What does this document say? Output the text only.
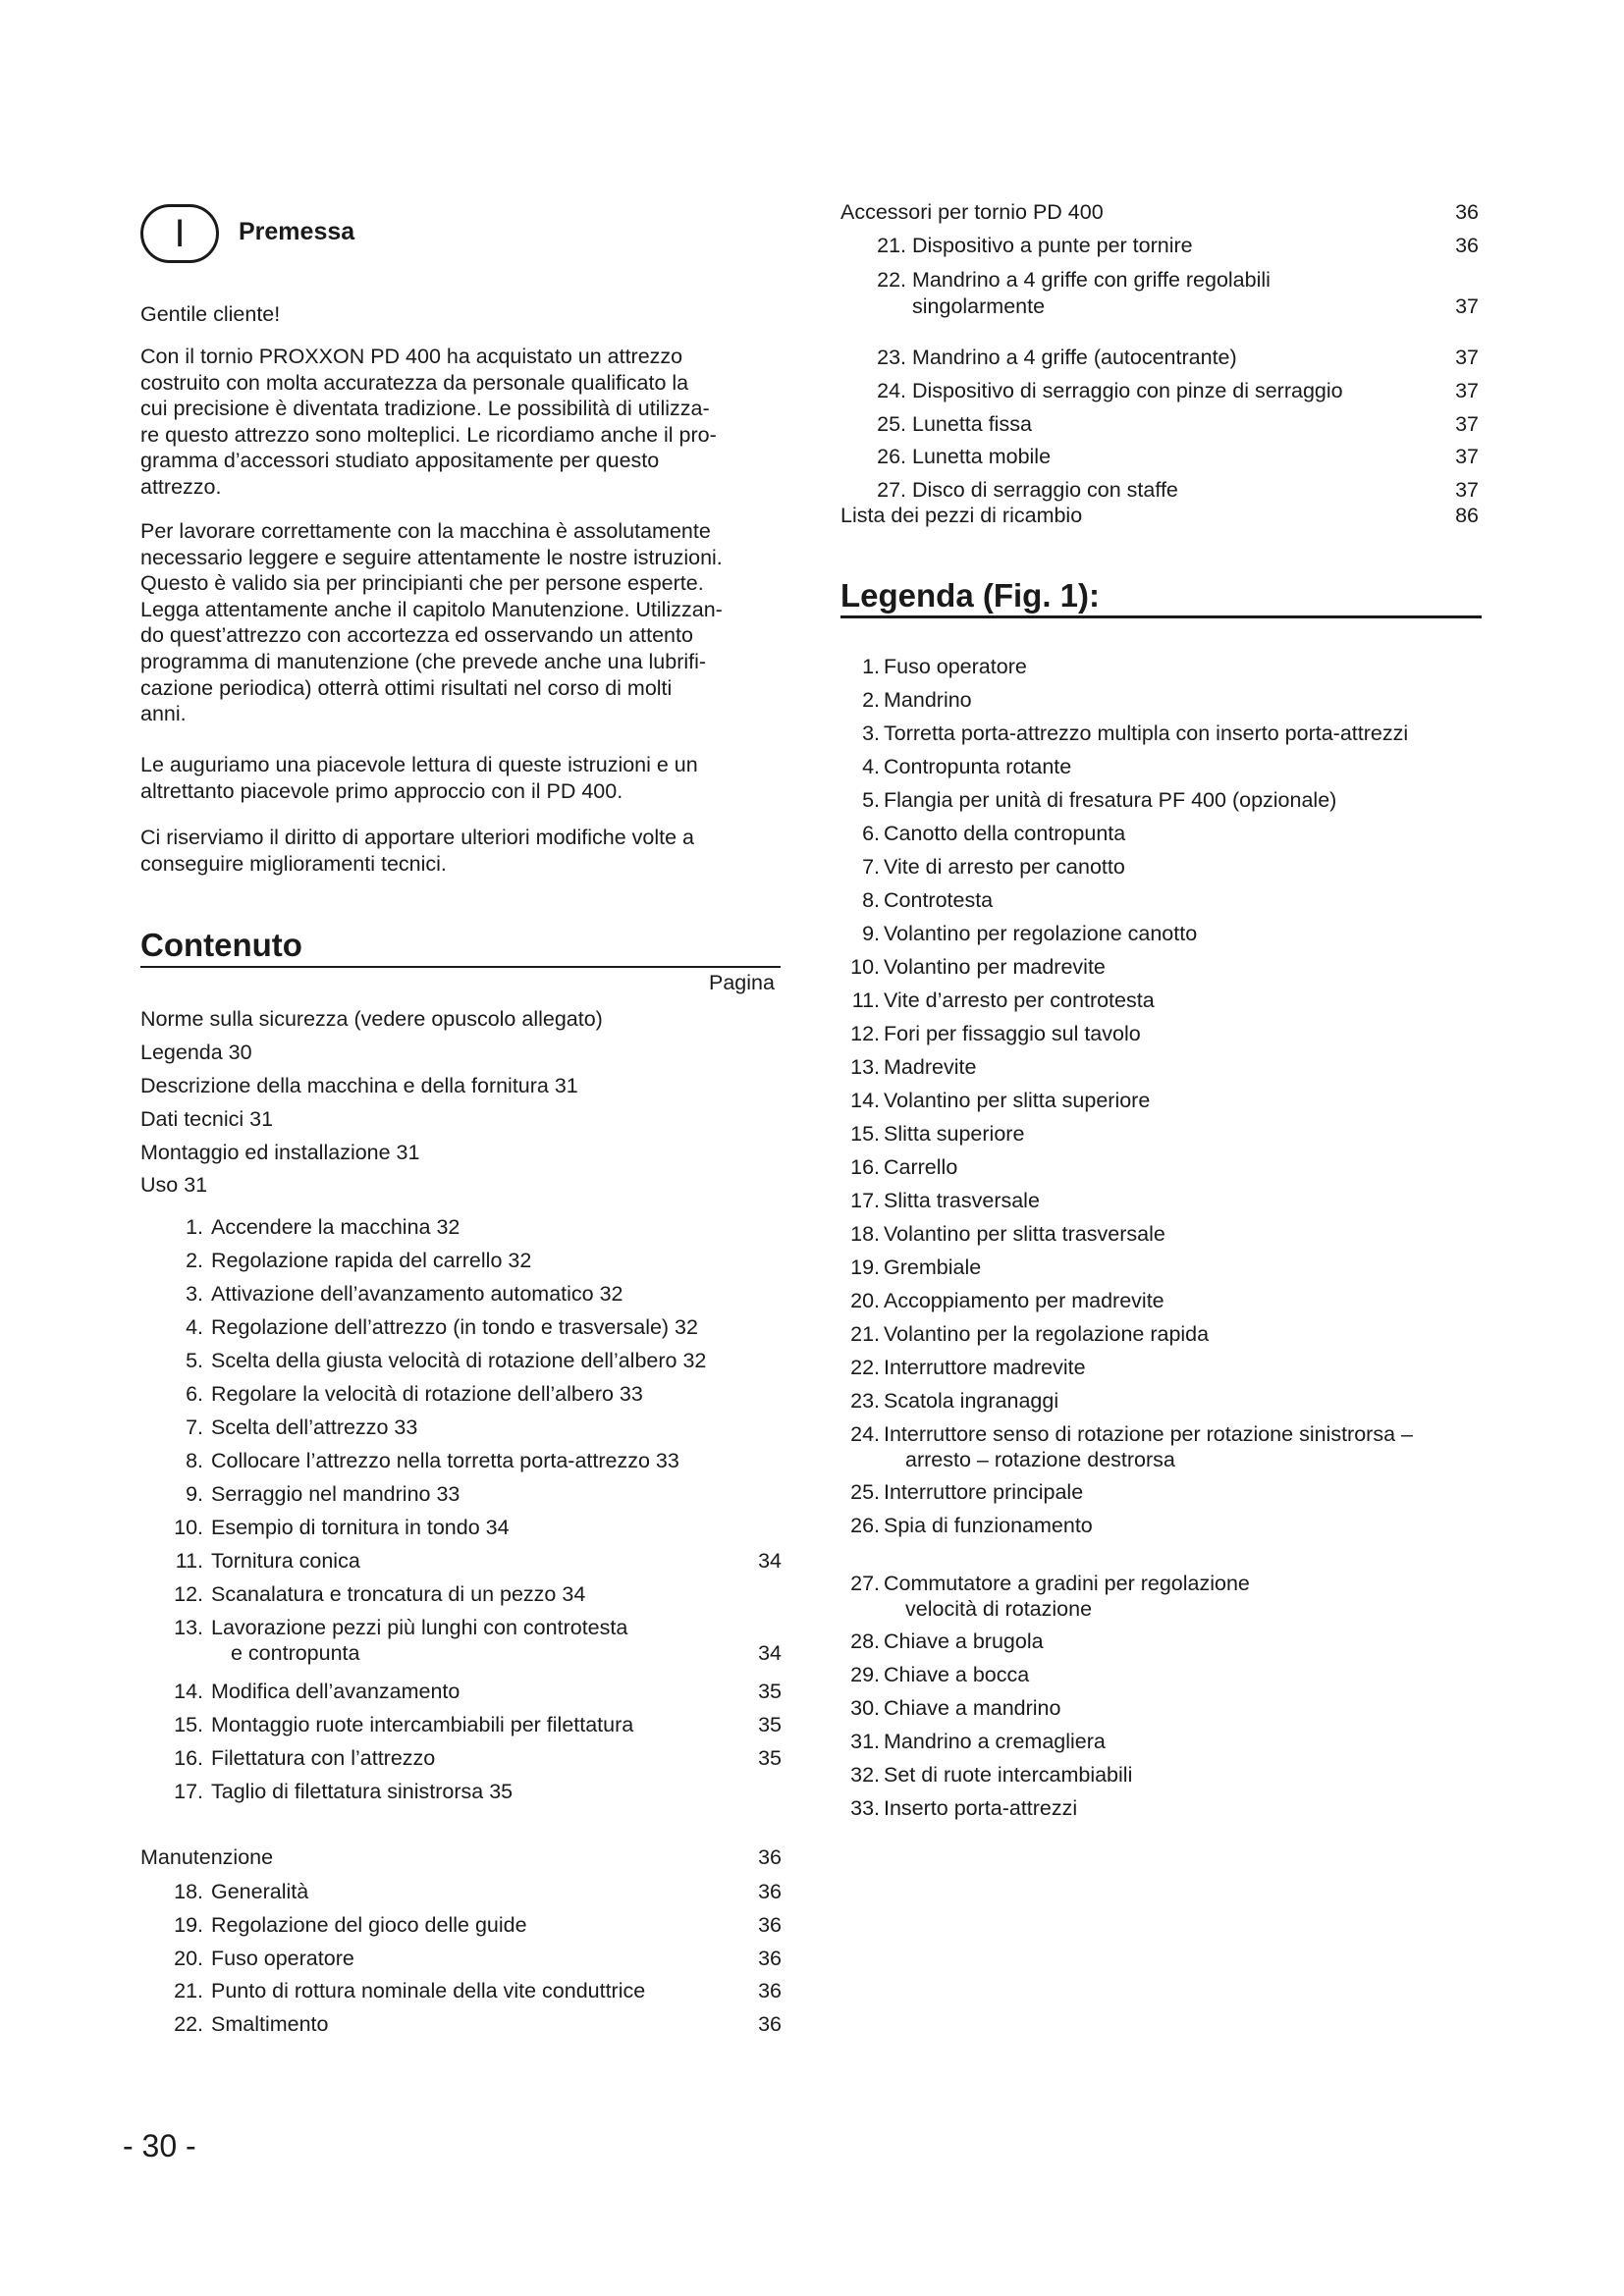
I	Premessa

Gentile cliente!

Con il tornio PROXXON PD 400 ha acquistato un attrezzo
costruito con molta accuratezza da personale qualificato la
cui precisione è diventata tradizione. Le possibilità di utilizza-
re questo attrezzo sono molteplici. Le ricordiamo anche il pro-
gramma d’accessori studiato appositamente per questo
attrezzo.
Per lavorare correttamente con la macchina è assolutamente
necessario leggere e seguire attentamente le nostre istruzioni.
Questo è valido sia per principianti che per persone esperte.
Legga attentamente anche il capitolo Manutenzione. Utilizzan-
do quest’attrezzo con accortezza ed osservando un attento
programma di manutenzione (che prevede anche una lubrifi-
cazione periodica) otterrà ottimi risultati nel corso di molti
anni.
Le auguriamo una piacevole lettura di queste istruzioni e un
altrettanto piacevole primo approccio con il PD 400.
Ci riserviamo il diritto di apportare ulteriori modifiche volte a
conseguire miglioramenti tecnici.
Contenuto
Pagina
Norme sulla sicurezza (vedere opuscolo allegato)
Legenda 30
Descrizione della macchina e della fornitura 31
Dati tecnici 31
Montaggio ed installazione 31
Uso 31
1. Accendere la macchina 32
2. Regolazione rapida del carrello 32
3. Attivazione dell’avanzamento automatico 32
4. Regolazione dell’attrezzo (in tondo e trasversale) 32
5. Scelta della giusta velocità di rotazione dell’albero 32
6. Regolare la velocità di rotazione dell’albero 33
7. Scelta dell’attrezzo 33
8. Collocare l’attrezzo nella torretta porta-attrezzo 33
9. Serraggio nel mandrino 33
10. Esempio di tornitura in tondo 34
11. Tornitura conica	34
12. Scanalatura e troncatura di un pezzo 34
13. Lavorazione pezzi più lunghi con controtesta
e contropunta	34
14. Modifica dell’avanzamento	35
15. Montaggio ruote intercambiabili per filettatura	35
16. Filettatura con l’attrezzo	35
17. Taglio di filettatura sinistrorsa 35
Manutenzione	36
18. Generalità	36
19. Regolazione del gioco delle guide	36
20. Fuso operatore	36
21. Punto di rottura nominale della vite conduttrice	36
22. Smaltimento	36
Accessori per tornio PD 400	36
21. Dispositivo a punte per tornire	36
22. Mandrino a 4 griffe con griffe regolabili
singolarmente	37
23. Mandrino a 4 griffe (autocentrante)	37
24. Dispositivo di serraggio con pinze di serraggio	37
25. Lunetta fissa	37
26. Lunetta mobile	37
27. Disco di serraggio con staffe	37
Lista dei pezzi di ricambio	86
Legenda (Fig. 1):
1. Fuso operatore
2. Mandrino
3. Torretta porta-attrezzo multipla con inserto porta-attrezzi
4. Contropunta rotante
5. Flangia per unità di fresatura PF 400 (opzionale)
6. Canotto della contropunta
7. Vite di arresto per canotto
8. Controtesta
9. Volantino per regolazione canotto
10. Volantino per madrevite
11. Vite d’arresto per controtesta
12. Fori per fissaggio sul tavolo
13. Madrevite
14. Volantino per slitta superiore
15. Slitta superiore
16. Carrello
17. Slitta trasversale
18. Volantino per slitta trasversale
19. Grembiale
20. Accoppiamento per madrevite
21. Volantino per la regolazione rapida
22. Interruttore madrevite
23. Scatola ingranaggi
24. Interruttore senso di rotazione per rotazione sinistrorsa –
arresto – rotazione destrorsa
25. Interruttore principale
26. Spia di funzionamento
27. Commutatore a gradini per regolazione
velocità di rotazione
28. Chiave a brugola
29. Chiave a bocca
30. Chiave a mandrino
31. Mandrino a cremagliera
32. Set di ruote intercambiabili
33. Inserto porta-attrezzi
- 30 -
